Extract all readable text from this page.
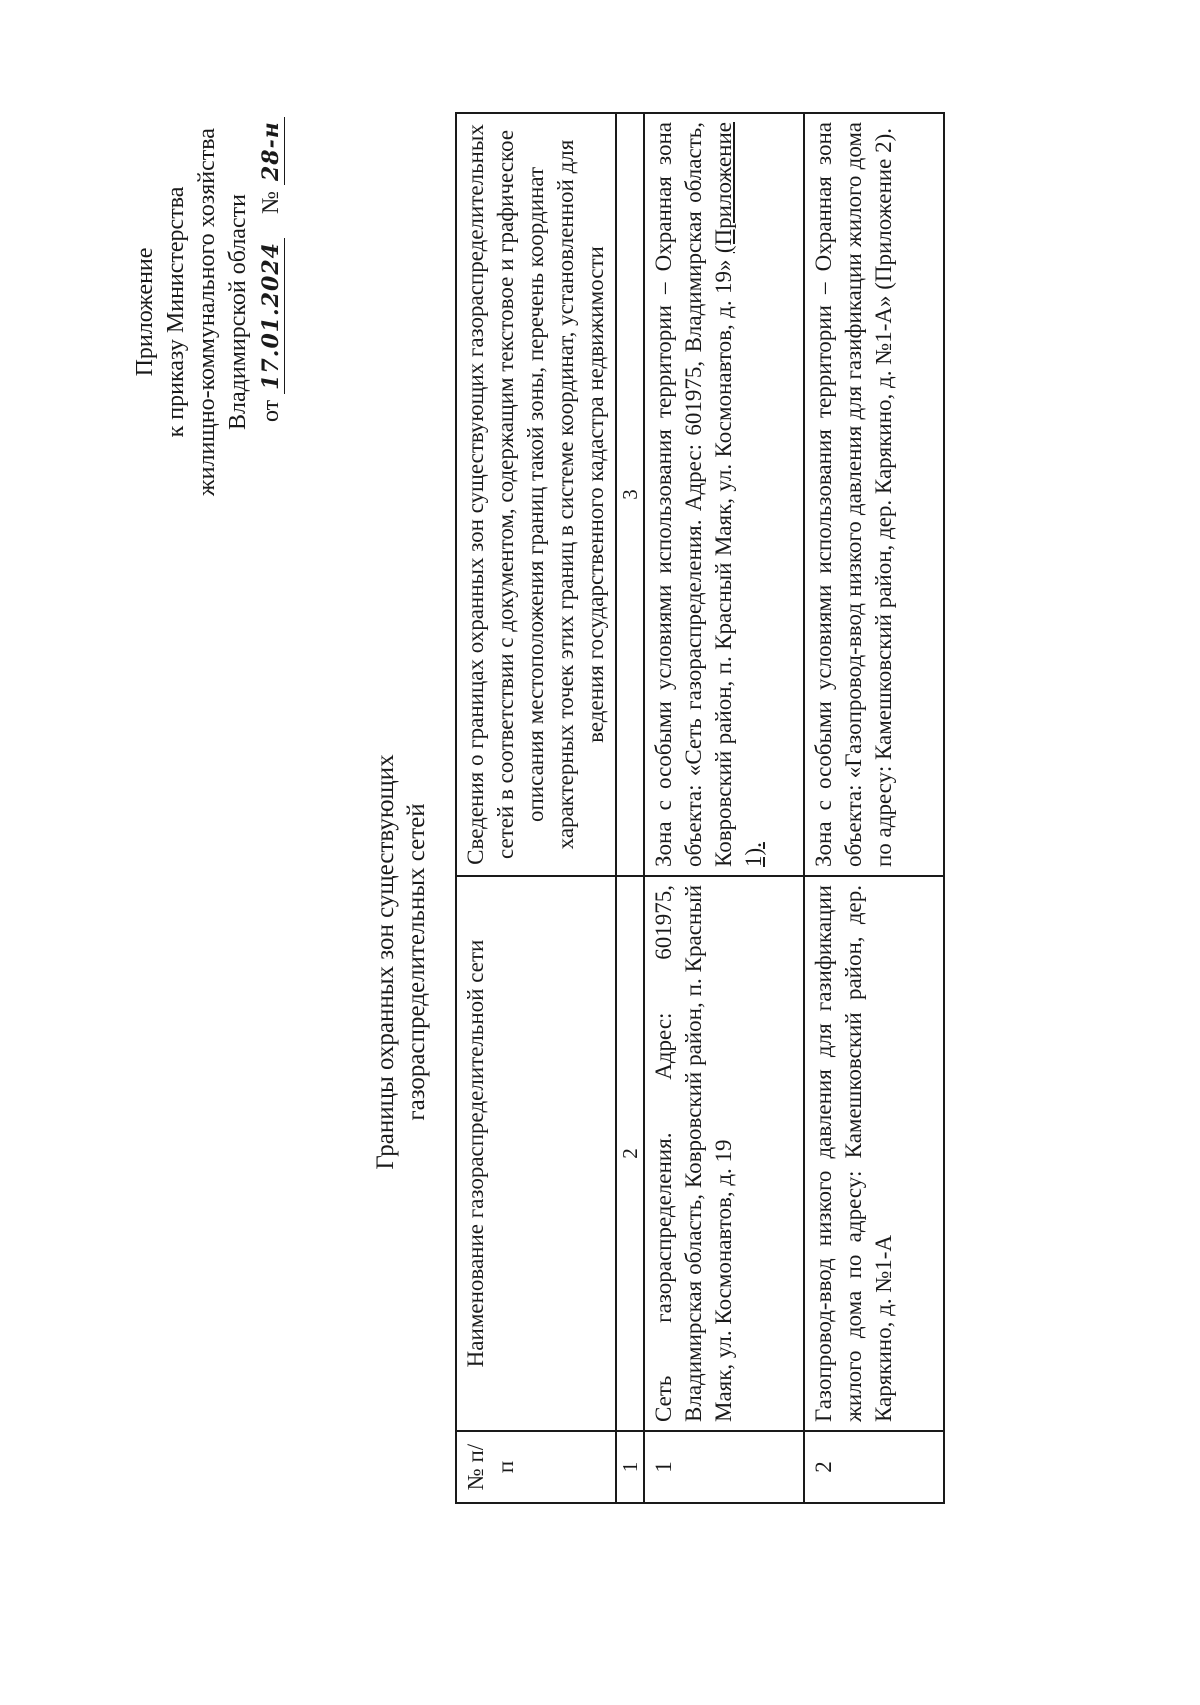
Приложение к приказу Министерства жилищно-коммунального хозяйства Владимирской области от 17.01.2024    № 28-н
Границы охранных зон существующих газораспределительных сетей
№ п/п	Наименование газораспределительной сети	Сведения о границах охранных зон существующих газораспределительных сетей в соответствии с документом, содержащим текстовое и графическое описания местоположения границ такой зоны, перечень координат характерных точек этих границ в системе координат, установленной для ведения государственного кадастра недвижимости
1	2	3
1	Сеть газораспределения. Адрес: 601975, Владимирская область, Ковровский район, п. Красный Маяк, ул. Космонавтов, д. 19	Зона с особыми условиями использования территории – Охранная зона объекта: «Сеть газораспределения. Адрес: 601975, Владимирская область, Ковровский район, п. Красный Маяк, ул. Космонавтов, д. 19» (Приложение 1).
2	Газопровод-ввод низкого давления для газификации жилого дома по адресу: Камешковский район, дер. Карякино, д. №1-А	Зона с особыми условиями использования территории – Охранная зона объекта: «Газопровод-ввод низкого давления для газификации жилого дома по адресу: Камешковский район, дер. Карякино, д. №1-А» (Приложение 2).
